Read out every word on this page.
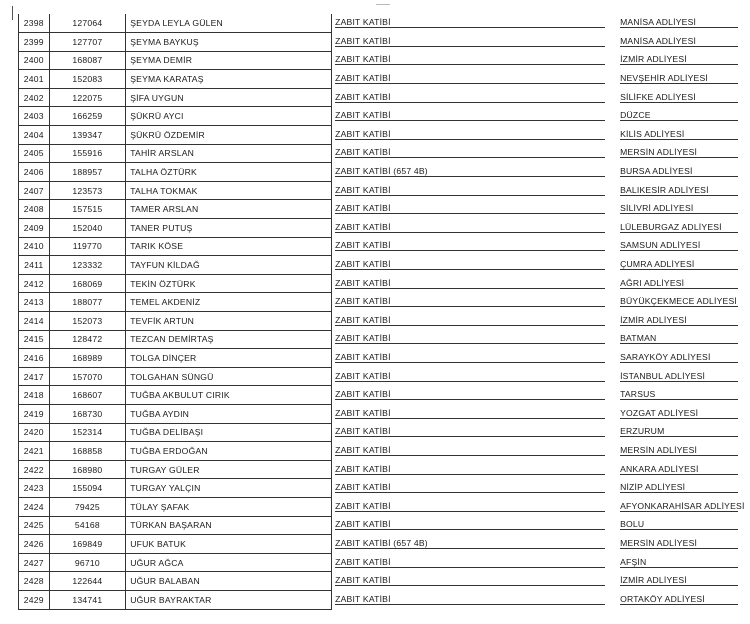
2398	127064	ŞEYDA LEYLA GÜLEN	ZABIT KATİBİ	MANİSA ADLİYESİ
2399	127707	ŞEYMA BAYKUŞ	ZABIT KATİBİ	MANİSA ADLİYESİ
2400	168087	ŞEYMA DEMİR	ZABIT KATİBİ	İZMİR ADLİYESİ
2401	152083	ŞEYMA KARATAŞ	ZABIT KATİBİ	NEVŞEHİR ADLİYESİ
2402	122075	ŞİFA UYGUN	ZABIT KATİBİ	SİLİFKE ADLİYESİ
2403	166259	ŞÜKRÜ AYCI	ZABIT KATİBİ	DÜZCE
2404	139347	ŞÜKRÜ ÖZDEMİR	ZABIT KATİBİ	KİLİS ADLİYESİ
2405	155916	TAHİR ARSLAN	ZABIT KATİBİ	MERSİN ADLİYESİ
2406	188957	TALHA ÖZTÜRK	ZABIT KATİBİ (657 4B)	BURSA ADLİYESİ
2407	123573	TALHA TOKMAK	ZABIT KATİBİ	BALIKESİR ADLİYESİ
2408	157515	TAMER ARSLAN	ZABIT KATİBİ	SİLİVRİ ADLİYESİ
2409	152040	TANER PUTUŞ	ZABIT KATİBİ	LÜLEBURGAZ ADLİYESİ
2410	119770	TARIK KÖSE	ZABIT KATİBİ	SAMSUN ADLİYESİ
2411	123332	TAYFUN KİLDAĞ	ZABIT KATİBİ	ÇUMRA ADLİYESİ
2412	168069	TEKİN ÖZTÜRK	ZABIT KATİBİ	AĞRI ADLİYESİ
2413	188077	TEMEL AKDENİZ	ZABIT KATİBİ	BÜYÜKÇEKMECE ADLİYESİ
2414	152073	TEVFİK ARTUN	ZABIT KATİBİ	İZMİR ADLİYESİ
2415	128472	TEZCAN DEMİRTAŞ	ZABIT KATİBİ	BATMAN
2416	168989	TOLGA DİNÇER	ZABIT KATİBİ	SARAYKÖY ADLİYESİ
2417	157070	TOLGAHAN SÜNGÜ	ZABIT KATİBİ	İSTANBUL ADLİYESİ
2418	168607	TUĞBA AKBULUT CIRIK	ZABIT KATİBİ	TARSUS
2419	168730	TUĞBA AYDIN	ZABIT KATİBİ	YOZGAT ADLİYESİ
2420	152314	TUĞBA DELİBAŞI	ZABIT KATİBİ	ERZURUM
2421	168858	TUĞBA ERDOĞAN	ZABIT KATİBİ	MERSİN ADLİYESİ
2422	168980	TURGAY GÜLER	ZABIT KATİBİ	ANKARA ADLİYESİ
2423	155094	TURGAY YALÇIN	ZABIT KATİBİ	NİZİP ADLİYESİ
2424	79425	TÜLAY ŞAFAK	ZABIT KATİBİ	AFYONKARAHİSAR ADLİYESİ
2425	54168	TÜRKAN BAŞARAN	ZABIT KATİBİ	BOLU
2426	169849	UFUK BATUK	ZABIT KATİBİ (657 4B)	MERSİN ADLİYESİ
2427	96710	UĞUR AĞCA	ZABIT KATİBİ	AFŞİN
2428	122644	UĞUR BALABAN	ZABIT KATİBİ	İZMİR ADLİYESİ
2429	134741	UĞUR BAYRAKTAR	ZABIT KATİBİ	ORTAKÖY ADLİYESİ
